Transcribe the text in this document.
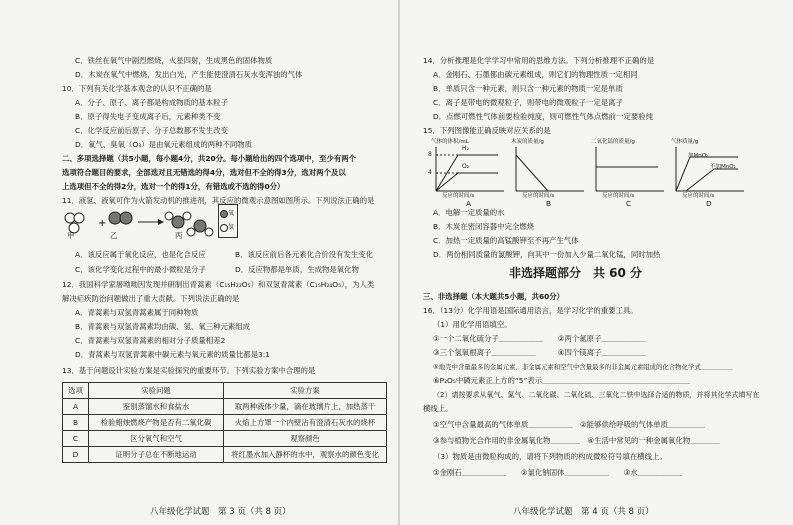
C．铁丝在氧气中剧烈燃烧，火星四射，生成黑色的固体物质
D．木炭在氧气中燃烧，发出白光，产生能使澄清石灰水变浑浊的气体
10．下列有关化学基本观念的认识不正确的是
A．分子、原子、离子都是构成物质的基本粒子
B．原子得失电子变成离子后，元素种类不变
C．化学反应前后原子、分子总数都不发生改变
D．氧气、臭氧（O₃）是由氧元素组成的两种不同物质
二、多项选择题（共5小题，每小题4分，共20分。每小题给出的四个选项中，至少有两个
选项符合题目的要求，全部选对且无错选的得4分，选对但不全的得3分，选对两个及以
上选项但不全的得2分，选对一个的得1分，有错选或不选的得0分）
11．液氢、液氧可作为火箭发动机的推进剂，其反应的微观示意图如图所示。下列说法正确的是
+
甲	乙	丙
氧
氢
A．该反应属于氧化反应，也是化合反应	B．该反应前后各元素化合价没有发生变化
C．该化学变化过程中的最小微粒是分子	D．反应物都是单质，生成物是氧化物
12．我国科学家屠呦呦因发现并研制出青蒿素（C₁₅H₂₂O₅）和双氢青蒿素（C₁₅H₂₄O₅），为人类
解决疟疾防治问题做出了重大贡献。下列说法正确的是
A．青蒿素与双氢青蒿素属于同种物质
B．青蒿素与双氢青蒿素均由碳、氢、氧三种元素组成
C．青蒿素与双氢青蒿素的相对分子质量相差2
D．青蒿素与双氢青蒿素中碳元素与氧元素的质量比都是3:1
13．基于问题设计实验方案是实验探究的重要环节。下列实验方案中合理的是
选项	实验问题	实验方案
A	鉴别蒸馏水和食盐水	取两种液体少量，滴在玻璃片上，加热蒸干
B	检验蜡烛燃烧产物是否有二氧化碳	火焰上方罩一个内壁沾有澄清石灰水的烧杯
C	区分氧气和空气	观察颜色
D	证明分子总在不断地运动	将红墨水加入静杯的水中，观察水的颜色变化
八年级化学试题　第 3 页（共 8 页）
14．分析推理是化学学习中常用的思维方法。下列分析推理不正确的是
A．金刚石、石墨都由碳元素组成，则它们的物理性质一定相同
B．单质只含一种元素，则只含一种元素的物质一定是单质
C．离子是带电的微观粒子，则带电的微观粒子一定是离子
D．点燃可燃性气体前要检验纯度，则可燃性气体点燃前一定要验纯
15．下列图像能正确反映对应关系的是
气体的体积/mL
8
4
H₂
O₂
反应的时间/s
A
木炭的质量/g
反应的时间/s
B
二氧化锰的质量/g
反应的时间/s
C
气体质量/g
加MnO₂
不加MnO₂
反应的时间/s
D
A．电解一定质量的水
B．木炭在密闭容器中完全燃烧
C．加热一定质量的高锰酸钾至不再产生气体
D．两份相同质量的氯酸钾，向其中一份加入少量二氧化锰，同时加热
非选择题部分　共 60 分
三、非选择题（本大题共5小题，共60分）
16．（13分）化学用语是国际通用语言，是学习化学的重要工具。
（1）用化学用语填空。
①一个二氧化硫分子＿＿＿＿＿＿　　②两个氮原子＿＿＿＿＿＿
③三个氢氧根离子＿＿＿＿＿＿　　　④四个镁离子＿＿＿＿＿＿
⑤地壳中含量最多的金属元素、非金属元素和空气中含量最多的非金属元素组成的化合物化学式＿＿＿＿＿
⑥P₂O₅中磷元素正上方的“5”表示＿＿＿＿＿＿＿＿＿＿＿＿＿＿＿＿＿＿＿＿
（2）请按要求从氧气、氮气、二氧化碳、二氧化硫、三氧化二铁中选择合适的物质，并将其化学式填写在
横线上。
①空气中含量最高的气体单质＿＿＿＿＿＿　②能够供给呼吸的气体单质＿＿＿＿＿
③参与植物光合作用的非金属氧化物＿＿＿＿　④生活中常见的一种金属氧化物＿＿＿＿
（3）物质是由微粒构成的，请将下列物质的构成微粒符号填在横线上。
①金刚石＿＿＿＿＿＿　　②氯化钠固体＿＿＿＿＿＿　　③水＿＿＿＿＿＿
八年级化学试题　第 4 页（共 8 页）
